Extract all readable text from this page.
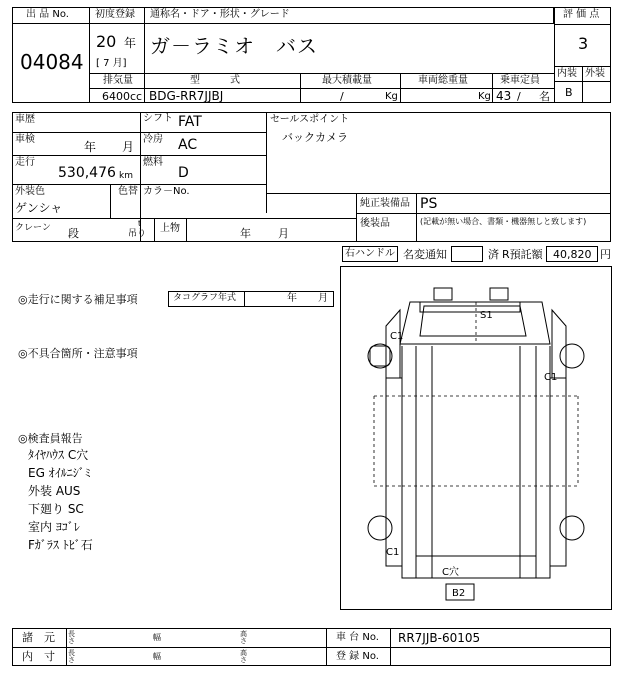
出 品 No.
04084
初度登録
20 年
[ 7 月]
通称名・ドア・形状・グレード
ガ－ラミオ　バス
評 価 点
3
内装 外装
B
排気量	型　　　式	最大積載量	車両総重量	乗車定員
6400 cc BDG-RR7JJBJ	/	Kg	Kg 43 / 名
車歴
車検
年 月
走行
530,476 km
シフト FAT
冷房 AC
燃料
D
外装色
ゲンシャ
色替 カラ－No.
セールスポイント
バックカメラ
純正装備品 PS
後装品	(記載が無い場合、書類・機器無しと致します)
クレーン 段
t
吊り 上物	年 月
右ハンドル 名変通知	済 R預託額 40,820 円
◎走行に関する補足事項	タコグラフ年式	年 月
◎不具合箇所・注意事項
◎検査員報告
ﾀｲﾔﾊｳｽ C穴
EG ｵｲﾙﾆｼﾞﾐ
外装 AUS
下廻り SC
室内 ﾖｺﾞﾚ
Fｶﾞﾗｽ ﾄﾋﾞ石
S1
C1
C1
C1
C穴
B2
諸　元
内　寸
長さ	幅	高さ
長さ	幅	高さ
車 台 No. RR7JJB-60105
登 録 No.
